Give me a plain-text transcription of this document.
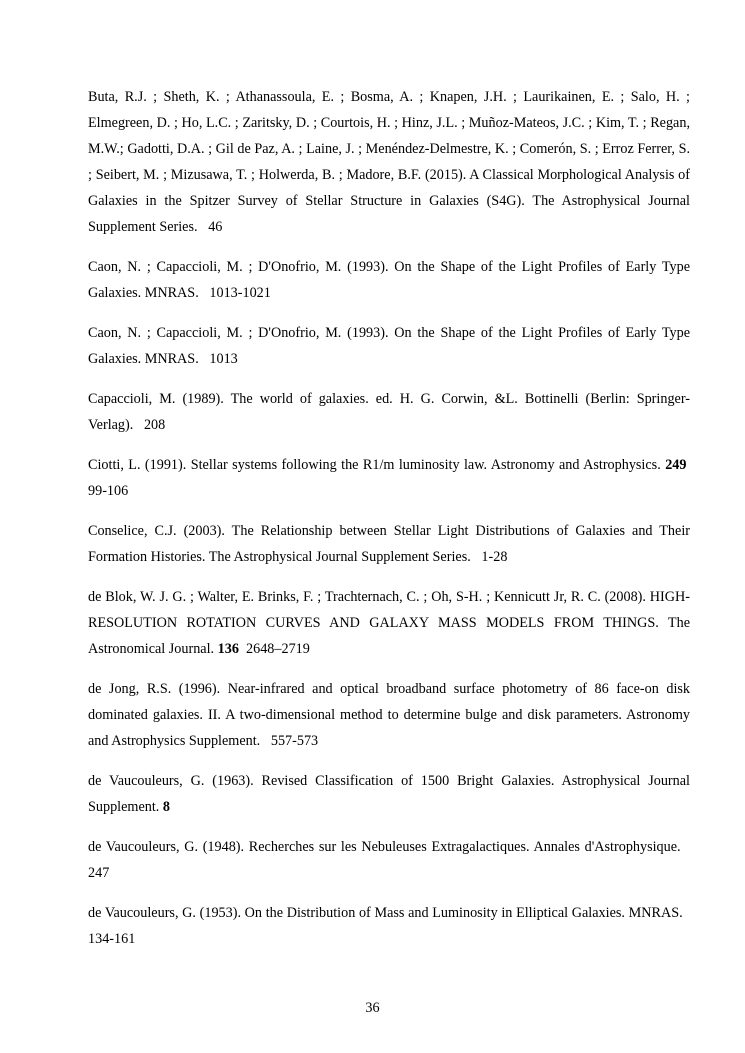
Buta, R.J. ; Sheth, K. ; Athanassoula, E. ; Bosma, A. ; Knapen, J.H. ; Laurikainen, E. ; Salo, H. ; Elmegreen, D. ; Ho, L.C. ; Zaritsky, D. ; Courtois, H. ; Hinz, J.L. ; Muñoz-Mateos, J.C. ; Kim, T. ; Regan, M.W.; Gadotti, D.A. ; Gil de Paz, A. ; Laine, J. ; Menéndez-Delmestre, K. ; Comerón, S. ; Erroz Ferrer, S. ; Seibert, M. ; Mizusawa, T. ; Holwerda, B. ; Madore, B.F. (2015). A Classical Morphological Analysis of Galaxies in the Spitzer Survey of Stellar Structure in Galaxies (S4G). The Astrophysical Journal Supplement Series. 46

Caon, N. ; Capaccioli, M. ; D'Onofrio, M. (1993). On the Shape of the Light Profiles of Early Type Galaxies. MNRAS. 1013-1021

Caon, N. ; Capaccioli, M. ; D'Onofrio, M. (1993). On the Shape of the Light Profiles of Early Type Galaxies. MNRAS. 1013

Capaccioli, M. (1989). The world of galaxies. ed. H. G. Corwin, &L. Bottinelli (Berlin: Springer-Verlag). 208

Ciotti, L. (1991). Stellar systems following the R1/m luminosity law. Astronomy and Astrophysics. 249  99-106

Conselice, C.J. (2003). The Relationship between Stellar Light Distributions of Galaxies and Their Formation Histories. The Astrophysical Journal Supplement Series. 1-28

de Blok, W. J. G. ; Walter, E. Brinks, F. ; Trachternach, C. ; Oh, S-H. ; Kennicutt Jr, R. C. (2008). HIGH-RESOLUTION ROTATION CURVES AND GALAXY MASS MODELS FROM THINGS. The Astronomical Journal. 136 2648–2719

de Jong, R.S. (1996). Near-infrared and optical broadband surface photometry of 86 face-on disk dominated galaxies. II. A two-dimensional method to determine bulge and disk parameters. Astronomy and Astrophysics Supplement. 557-573

de Vaucouleurs, G. (1963). Revised Classification of 1500 Bright Galaxies. Astrophysical Journal Supplement. 8

de Vaucouleurs, G. (1948). Recherches sur les Nebuleuses Extragalactiques. Annales d'Astrophysique.   247

de Vaucouleurs, G. (1953). On the Distribution of Mass and Luminosity in Elliptical Galaxies. MNRAS.   134-161

36
